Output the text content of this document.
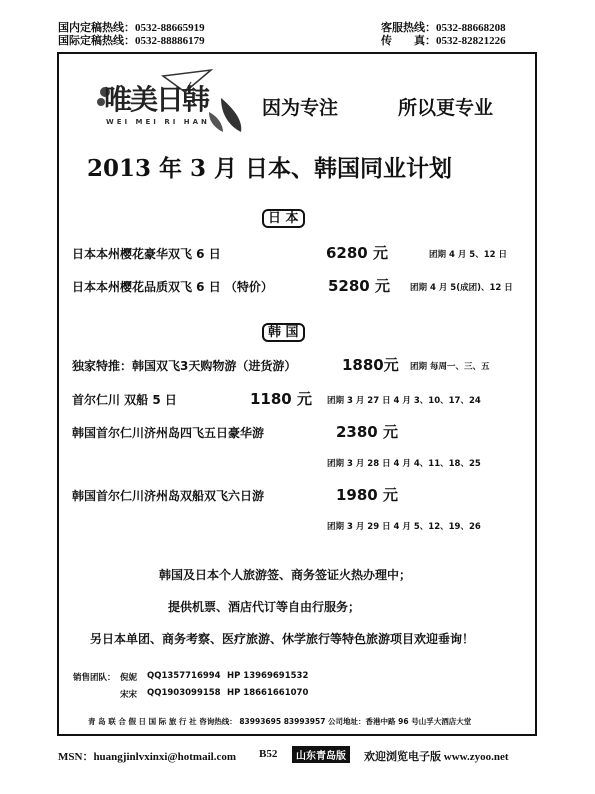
国内定稿热线：0532-88665919
国际定稿热线：0532-88886179
客服热线：0532-88668208
传　　真：0532-82821226
唯美日韩
WEI MEI RI HAN
因为专注	所以更专业
2013 年 3 月 日本、韩国同业计划
日 本
日本本州樱花豪华双飞 6 日	6280 元	团期 4 月 5、12 日
日本本州樱花品质双飞 6 日 （特价）	5280 元 团期 4 月 5(成团)、12 日
韩 国
独家特推：韩国双飞3天购物游（进货游）	1880元 团期 每周一、三、五
首尔仁川 双船 5 日	1180 元 团期 3 月 27 日 4 月 3、10、17、24
韩国首尔仁川济州岛四飞五日豪华游	2380 元
团期 3 月 28 日 4 月 4、11、18、25
韩国首尔仁川济州岛双船双飞六日游	1980 元
团期 3 月 29 日 4 月 5、12、19、26
韩国及日本个人旅游签、商务签证火热办理中；
提供机票、酒店代订等自由行服务；
另日本单团、商务考察、医疗旅游、休学旅行等特色旅游项目欢迎垂询！
销售团队： 倪妮 QQ1357716994 HP 13969691532
宋宋 QQ1903099158 HP 18661661070
青 岛 联 合 假 日 国 际 旅 行 社 咨询热线： 83993695 83993957 公司地址：香港中路 96 号山孚大酒店大堂
MSN：huangjinlvxinxi@hotmail.com B52	山东青岛版	欢迎浏览电子版 www.zyoo.net
